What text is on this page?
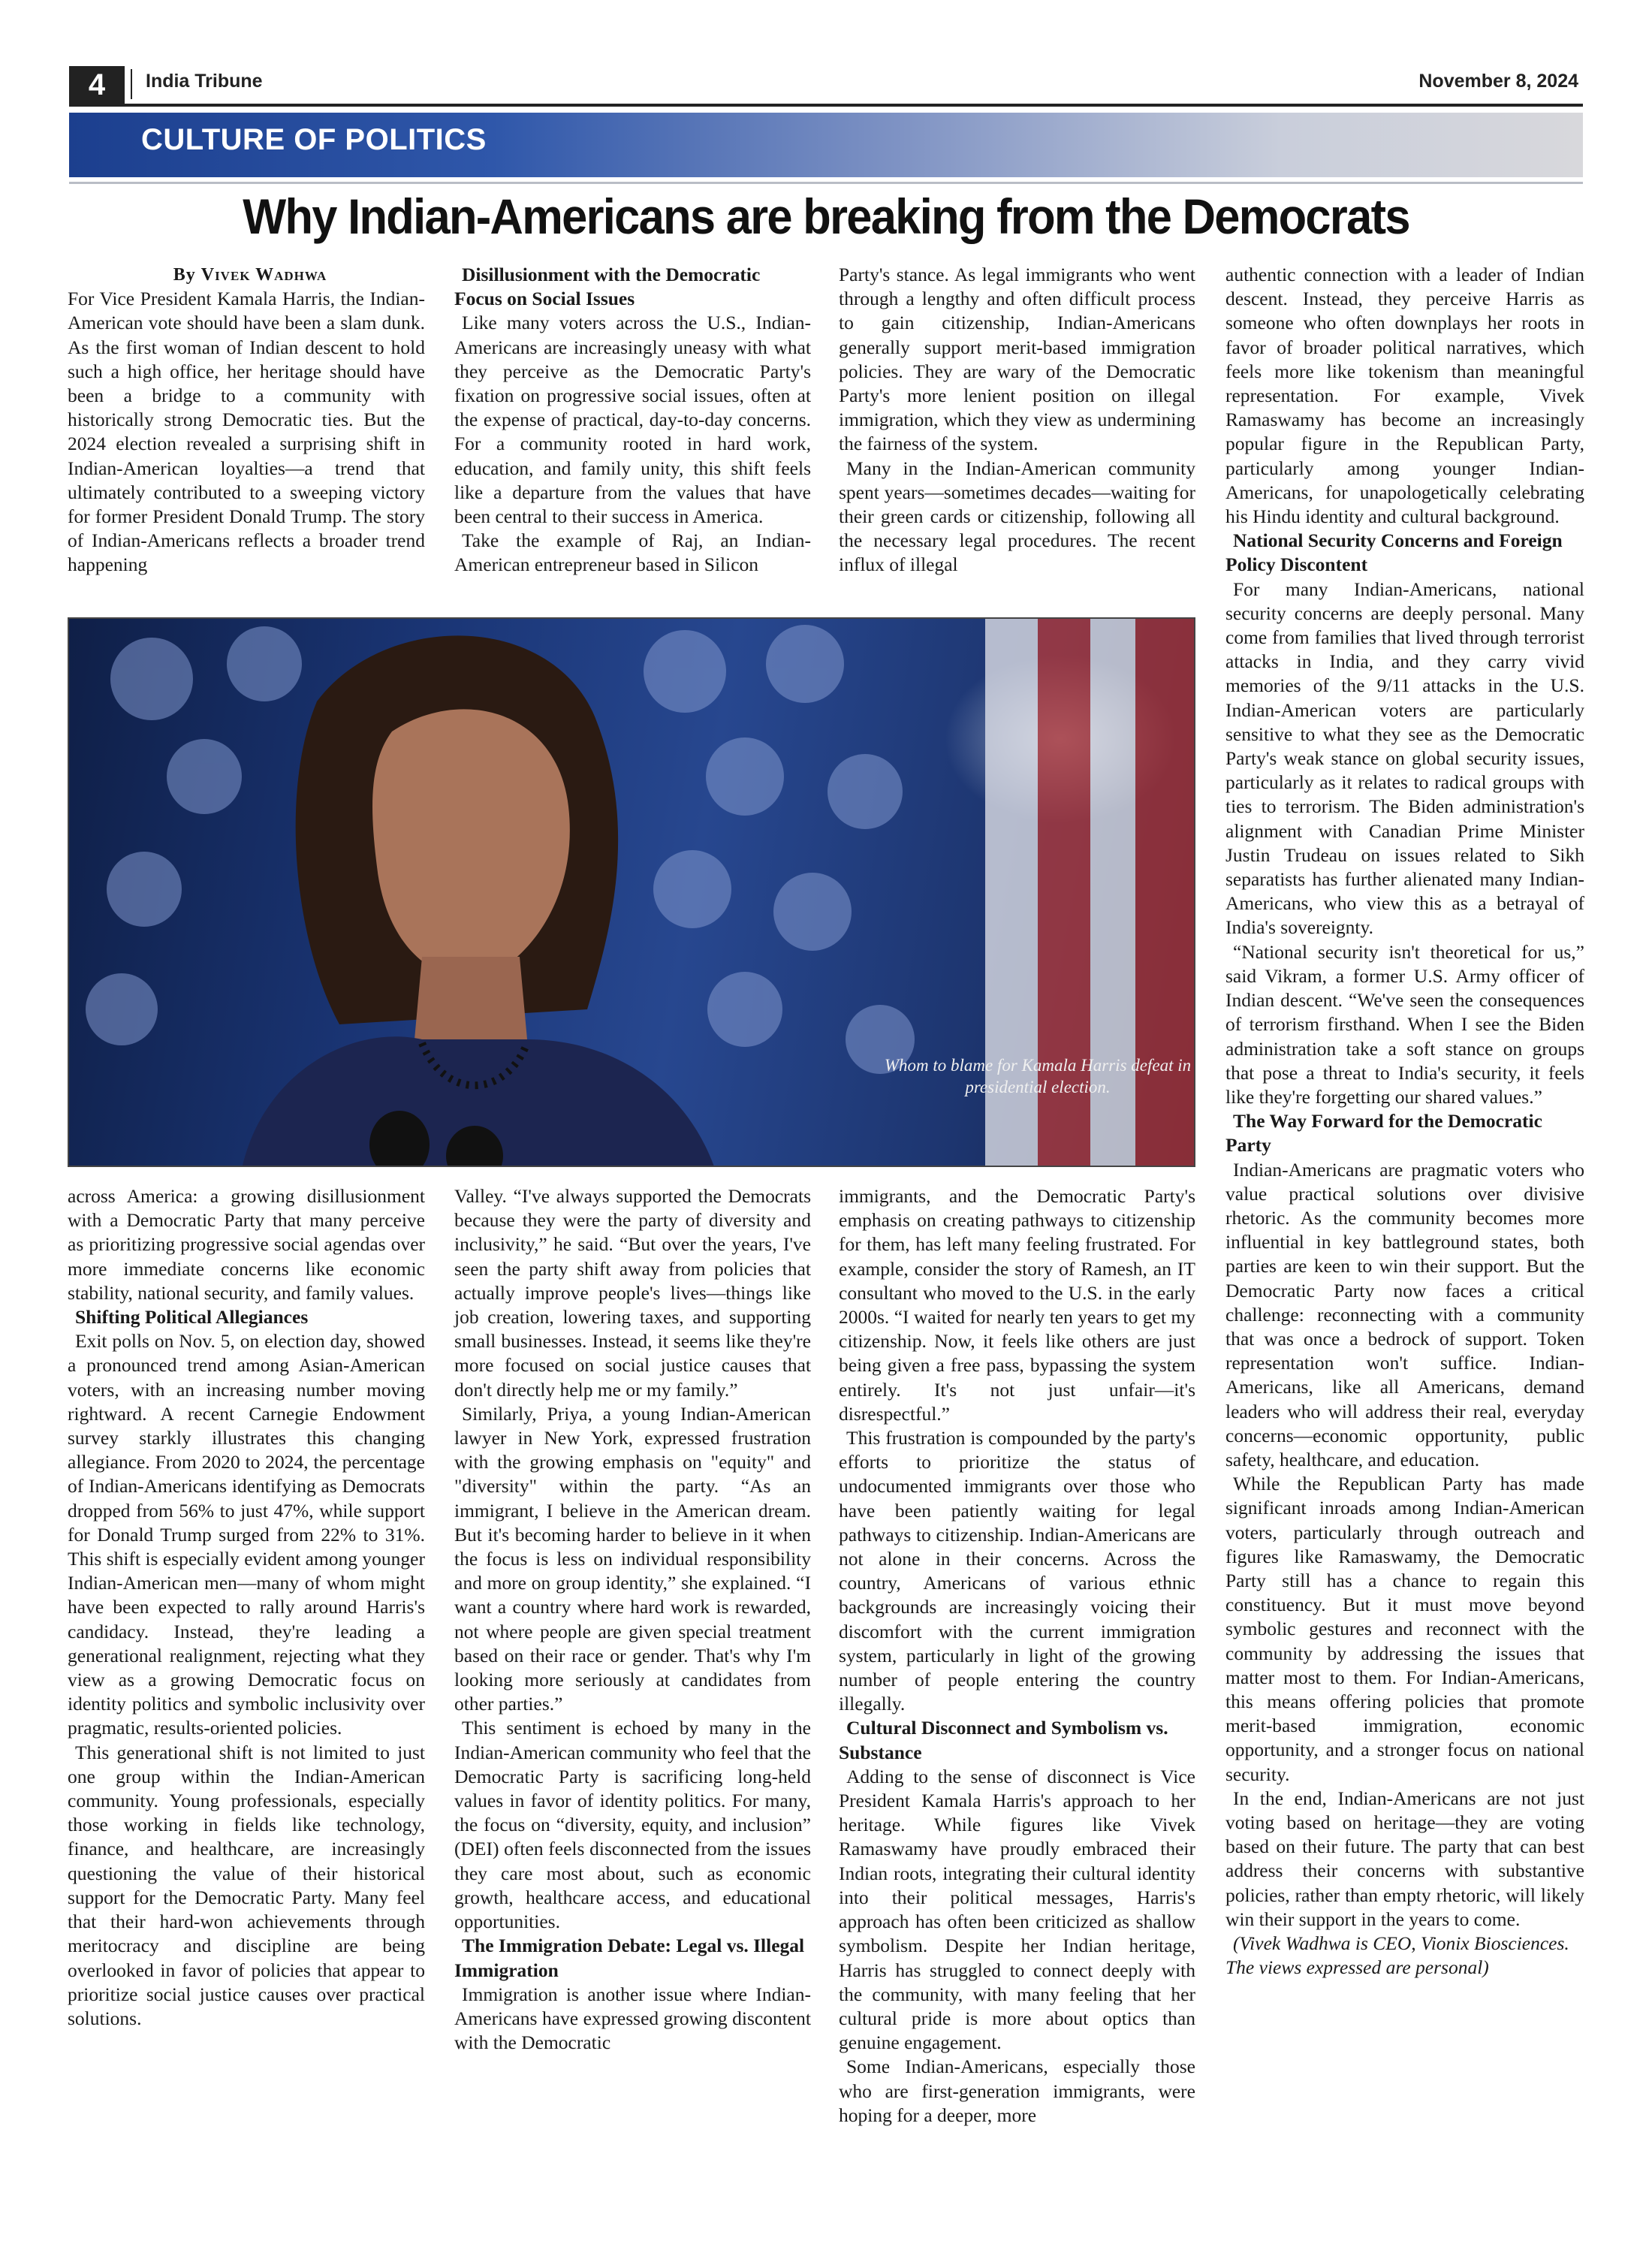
4	India Tribune	November 8, 2024
CULTURE OF POLITICS
Why Indian-Americans are breaking from the Democrats

By Vivek Wadhwa

For Vice President Kamala Harris, the Indian-American vote should have been a slam dunk. As the first woman of Indian descent to hold such a high office, her heritage should have been a bridge to a community with historically strong Democratic ties. But the 2024 election revealed a surprising shift in Indian-American loyalties—a trend that ultimately contributed to a sweeping victory for former President Donald Trump. The story of Indian-Americans reflects a broader trend happening

Disillusionment with the Democratic Focus on Social Issues

Like many voters across the U.S., Indian-Americans are increasingly uneasy with what they perceive as the Democratic Party's fixation on progressive social issues, often at the expense of practical, day-to-day concerns. For a community rooted in hard work, education, and family unity, this shift feels like a departure from the values that have been central to their success in America.

Take the example of Raj, an Indian-American entrepreneur based in Silicon

Party's stance. As legal immigrants who went through a lengthy and often difficult process to gain citizenship, Indian-Americans generally support merit-based immigration policies. They are wary of the Democratic Party's more lenient position on illegal immigration, which they view as undermining the fairness of the system.

Many in the Indian-American community spent years—sometimes decades—waiting for their green cards or citizenship, following all the necessary legal procedures. The recent influx of illegal

Whom to blame for Kamala Harris defeat in presidential election.

authentic connection with a leader of Indian descent. Instead, they perceive Harris as someone who often downplays her roots in favor of broader political narratives, which feels more like tokenism than meaningful representation. For example, Vivek Ramaswamy has become an increasingly popular figure in the Republican Party, particularly among younger Indian-Americans, for unapologetically celebrating his Hindu identity and cultural background.

National Security Concerns and Foreign Policy Discontent

For many Indian-Americans, national security concerns are deeply personal. Many come from families that lived through terrorist attacks in India, and they carry vivid memories of the 9/11 attacks in the U.S. Indian-American voters are particularly sensitive to what they see as the Democratic Party's weak stance on global security issues, particularly as it relates to radical groups with ties to terrorism. The Biden administration's alignment with Canadian Prime Minister Justin Trudeau on issues related to Sikh separatists has further alienated many Indian-Americans, who view this as a betrayal of India's sovereignty.

“National security isn't theoretical for us,” said Vikram, a former U.S. Army officer of Indian descent. “We've seen the consequences of terrorism firsthand. When I see the Biden administration take a soft stance on groups that pose a threat to India's security, it feels like they're forgetting our shared values.”

The Way Forward for the Democratic Party

Indian-Americans are pragmatic voters who value practical solutions over divisive rhetoric. As the community becomes more influential in key battleground states, both parties are keen to win their support. But the Democratic Party now faces a critical challenge: reconnecting with a community that was once a bedrock of support. Token representation won't suffice. Indian-Americans, like all Americans, demand leaders who will address their real, everyday concerns—economic opportunity, public safety, healthcare, and education.

While the Republican Party has made significant inroads among Indian-American voters, particularly through outreach and figures like Ramaswamy, the Democratic Party still has a chance to regain this constituency. But it must move beyond symbolic gestures and reconnect with the community by addressing the issues that matter most to them. For Indian-Americans, this means offering policies that promote merit-based immigration, economic opportunity, and a stronger focus on national security.

In the end, Indian-Americans are not just voting based on heritage—they are voting based on their future. The party that can best address their concerns with substantive policies, rather than empty rhetoric, will likely win their support in the years to come.

(Vivek Wadhwa is CEO, Vionix Biosciences. The views expressed are personal)

across America: a growing disillusionment with a Democratic Party that many perceive as prioritizing progressive social agendas over more immediate concerns like economic stability, national security, and family values.

Shifting Political Allegiances

Exit polls on Nov. 5, on election day, showed a pronounced trend among Asian-American voters, with an increasing number moving rightward. A recent Carnegie Endowment survey starkly illustrates this changing allegiance. From 2020 to 2024, the percentage of Indian-Americans identifying as Democrats dropped from 56% to just 47%, while support for Donald Trump surged from 22% to 31%. This shift is especially evident among younger Indian-American men—many of whom might have been expected to rally around Harris's candidacy. Instead, they're leading a generational realignment, rejecting what they view as a growing Democratic focus on identity politics and symbolic inclusivity over pragmatic, results-oriented policies.

This generational shift is not limited to just one group within the Indian-American community. Young professionals, especially those working in fields like technology, finance, and healthcare, are increasingly questioning the value of their historical support for the Democratic Party. Many feel that their hard-won achievements through meritocracy and discipline are being overlooked in favor of policies that appear to prioritize social justice causes over practical solutions.

Valley. “I've always supported the Democrats because they were the party of diversity and inclusivity,” he said. “But over the years, I've seen the party shift away from policies that actually improve people's lives—things like job creation, lowering taxes, and supporting small businesses. Instead, it seems like they're more focused on social justice causes that don't directly help me or my family.”

Similarly, Priya, a young Indian-American lawyer in New York, expressed frustration with the growing emphasis on "equity" and "diversity" within the party. “As an immigrant, I believe in the American dream. But it's becoming harder to believe in it when the focus is less on individual responsibility and more on group identity,” she explained. “I want a country where hard work is rewarded, not where people are given special treatment based on their race or gender. That's why I'm looking more seriously at candidates from other parties.”

This sentiment is echoed by many in the Indian-American community who feel that the Democratic Party is sacrificing long-held values in favor of identity politics. For many, the focus on “diversity, equity, and inclusion” (DEI) often feels disconnected from the issues they care most about, such as economic growth, healthcare access, and educational opportunities.

The Immigration Debate: Legal vs. Illegal Immigration

Immigration is another issue where Indian-Americans have expressed growing discontent with the Democratic

immigrants, and the Democratic Party's emphasis on creating pathways to citizenship for them, has left many feeling frustrated. For example, consider the story of Ramesh, an IT consultant who moved to the U.S. in the early 2000s. “I waited for nearly ten years to get my citizenship. Now, it feels like others are just being given a free pass, bypassing the system entirely. It's not just unfair—it's disrespectful.”

This frustration is compounded by the party's efforts to prioritize the status of undocumented immigrants over those who have been patiently waiting for legal pathways to citizenship. Indian-Americans are not alone in their concerns. Across the country, Americans of various ethnic backgrounds are increasingly voicing their discomfort with the current immigration system, particularly in light of the growing number of people entering the country illegally.

Cultural Disconnect and Symbolism vs. Substance

Adding to the sense of disconnect is Vice President Kamala Harris's approach to her heritage. While figures like Vivek Ramaswamy have proudly embraced their Indian roots, integrating their cultural identity into their political messages, Harris's approach has often been criticized as shallow symbolism. Despite her Indian heritage, Harris has struggled to connect deeply with the community, with many feeling that her cultural pride is more about optics than genuine engagement.

Some Indian-Americans, especially those who are first-generation immigrants, were hoping for a deeper, more
